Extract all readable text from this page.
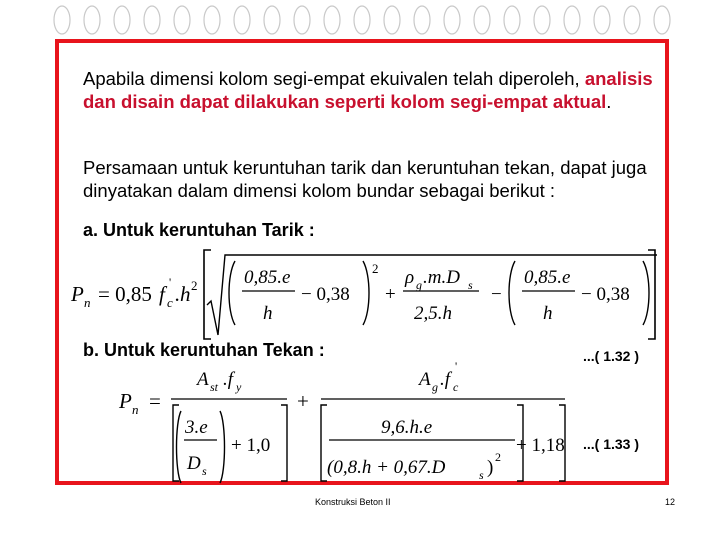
Apabila dimensi kolom segi-empat ekuivalen telah diperoleh, analisis dan disain dapat dilakukan seperti kolom segi-empat aktual.
Persamaan untuk keruntuhan tarik dan keruntuhan tekan, dapat juga dinyatakan dalam dimensi kolom bundar sebagai berikut :
a. Untuk keruntuhan Tarik :
b. Untuk keruntuhan Tekan :	...( 1.32 )
...( 1.33 )
P n = 0,85 f c
' . h 2 0,85.e
h
− 0,38
2
+
ρ g .m.D s
2,5.h
−
0,85.e
h
− 0,38
P n =
A st .f y
3.e
D s
+ 1,0
+
A g .f c
'
9,6.h.e
(0,8.h + 0,67.D	s ) 2
+ 1,18
Konstruksi Beton II	12
